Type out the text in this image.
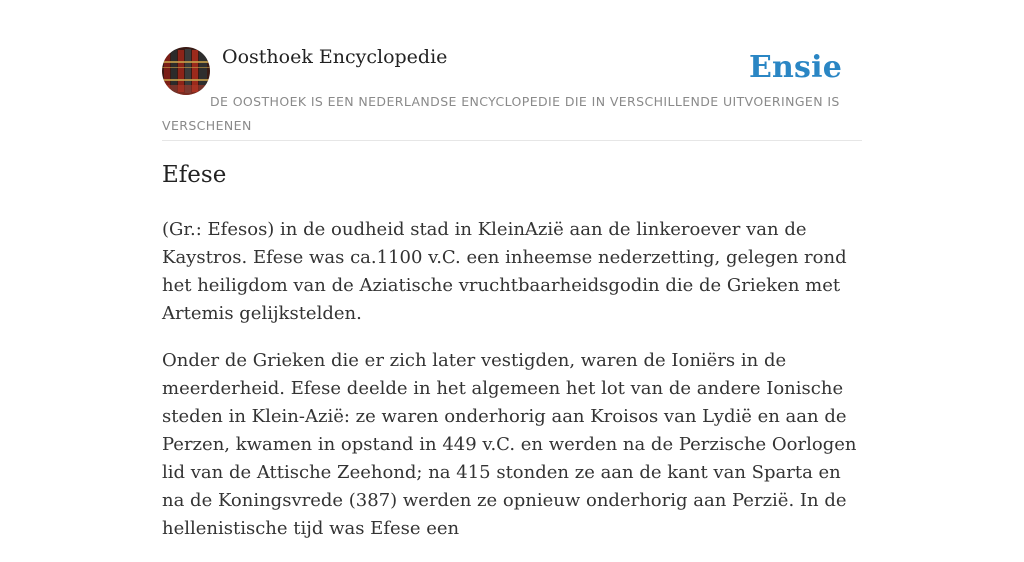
Oosthoek Encyclopedie	Ensie
DE OOSTHOEK IS EEN NEDERLANDSE ENCYCLOPEDIE DIE IN VERSCHILLENDE UITVOERINGEN IS VERSCHENEN
Efese

(Gr.: Efesos) in de oudheid stad in KleinAzië aan de linkeroever van de Kaystros. Efese was ca.1100 v.C. een inheemse nederzetting, gelegen rond het heiligdom van de Aziatische vruchtbaarheidsgodin die de Grieken met Artemis gelijkstelden.

Onder de Grieken die er zich later vestigden, waren de Ioniërs in de meerderheid. Efese deelde in het algemeen het lot van de andere Ionische steden in Klein-Azië: ze waren onderhorig aan Kroisos van Lydië en aan de Perzen, kwamen in opstand in 449 v.C. en werden na de Perzische Oorlogen lid van de Attische Zeehond; na 415 stonden ze aan de kant van Sparta en na de Koningsvrede (387) werden ze opnieuw onderhorig aan Perzië. In de hellenistische tijd was Efese een
